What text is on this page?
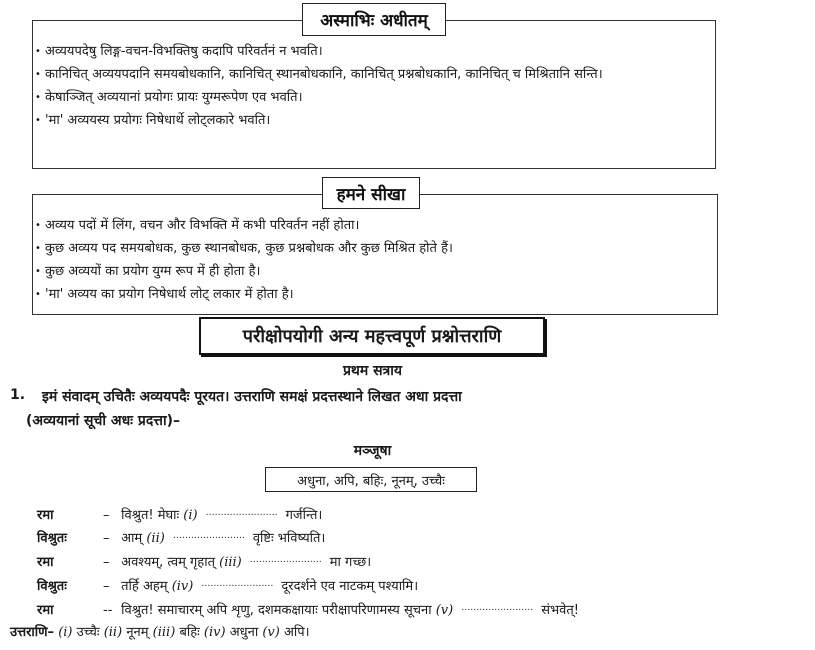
अस्माभिः अधीतम्
• अव्ययपदेषु लिङ्ग-वचन-विभक्तिषु कदापि परिवर्तनं न भवति।
• कानिचित् अव्ययपदानि समयबोधकानि, कानिचित् स्थानबोधकानि, कानिचित् प्रश्नबोधकानि, कानिचित् च मिश्रितानि सन्ति।
• केषाञ्जित् अव्ययानां प्रयोगः प्रायः युग्मरूपेण एव भवति।
• 'मा' अव्ययस्य प्रयोगः निषेधार्थे लोट्लकारे भवति।
हमने सीखा
• अव्यय पदों में लिंग, वचन और विभक्ति में कभी परिवर्तन नहीं होता।
• कुछ अव्यय पद समयबोधक, कुछ स्थानबोधक, कुछ प्रश्नबोधक और कुछ मिश्रित होते हैं।
• कुछ अव्ययों का प्रयोग युग्म रूप में ही होता है।
• 'मा' अव्यय का प्रयोग निषेधार्थ लोट् लकार में होता है।
परीक्षोपयोगी अन्य महत्त्वपूर्ण प्रश्नोत्तराणि
प्रथम सत्राय
1. इमं संवादम् उचितैः अव्ययपदैः पूरयत। उत्तराणि समक्षं प्रदत्तस्थाने लिखत अधा प्रदत्ता
(अव्ययानां सूची अधः प्रदत्ता)–
मञ्जूषा
अधुना, अपि, बहिः, नूनम्, उच्चैः
रमा	– विश्रुत! मेघाः (i) …………………… गर्जन्ति।
विश्रुतः	– आम् (ii) …………………… वृष्टिः भविष्यति।
रमा	– अवश्यम्, त्वम् गृहात् (iii) …………………… मा गच्छ।
विश्रुतः	– तर्हि अहम् (iv) …………………… दूरदर्शने एव नाटकम् पश्यामि।
रमा	-- विश्रुत! समाचारम् अपि शृणु, दशमकक्षायाः परीक्षापरिणामस्य सूचना (v) …………………… संभवेत्!
उत्तराणि– (i) उच्चैः (ii) नूनम् (iii) बहिः (iv) अधुना (v) अपि।
